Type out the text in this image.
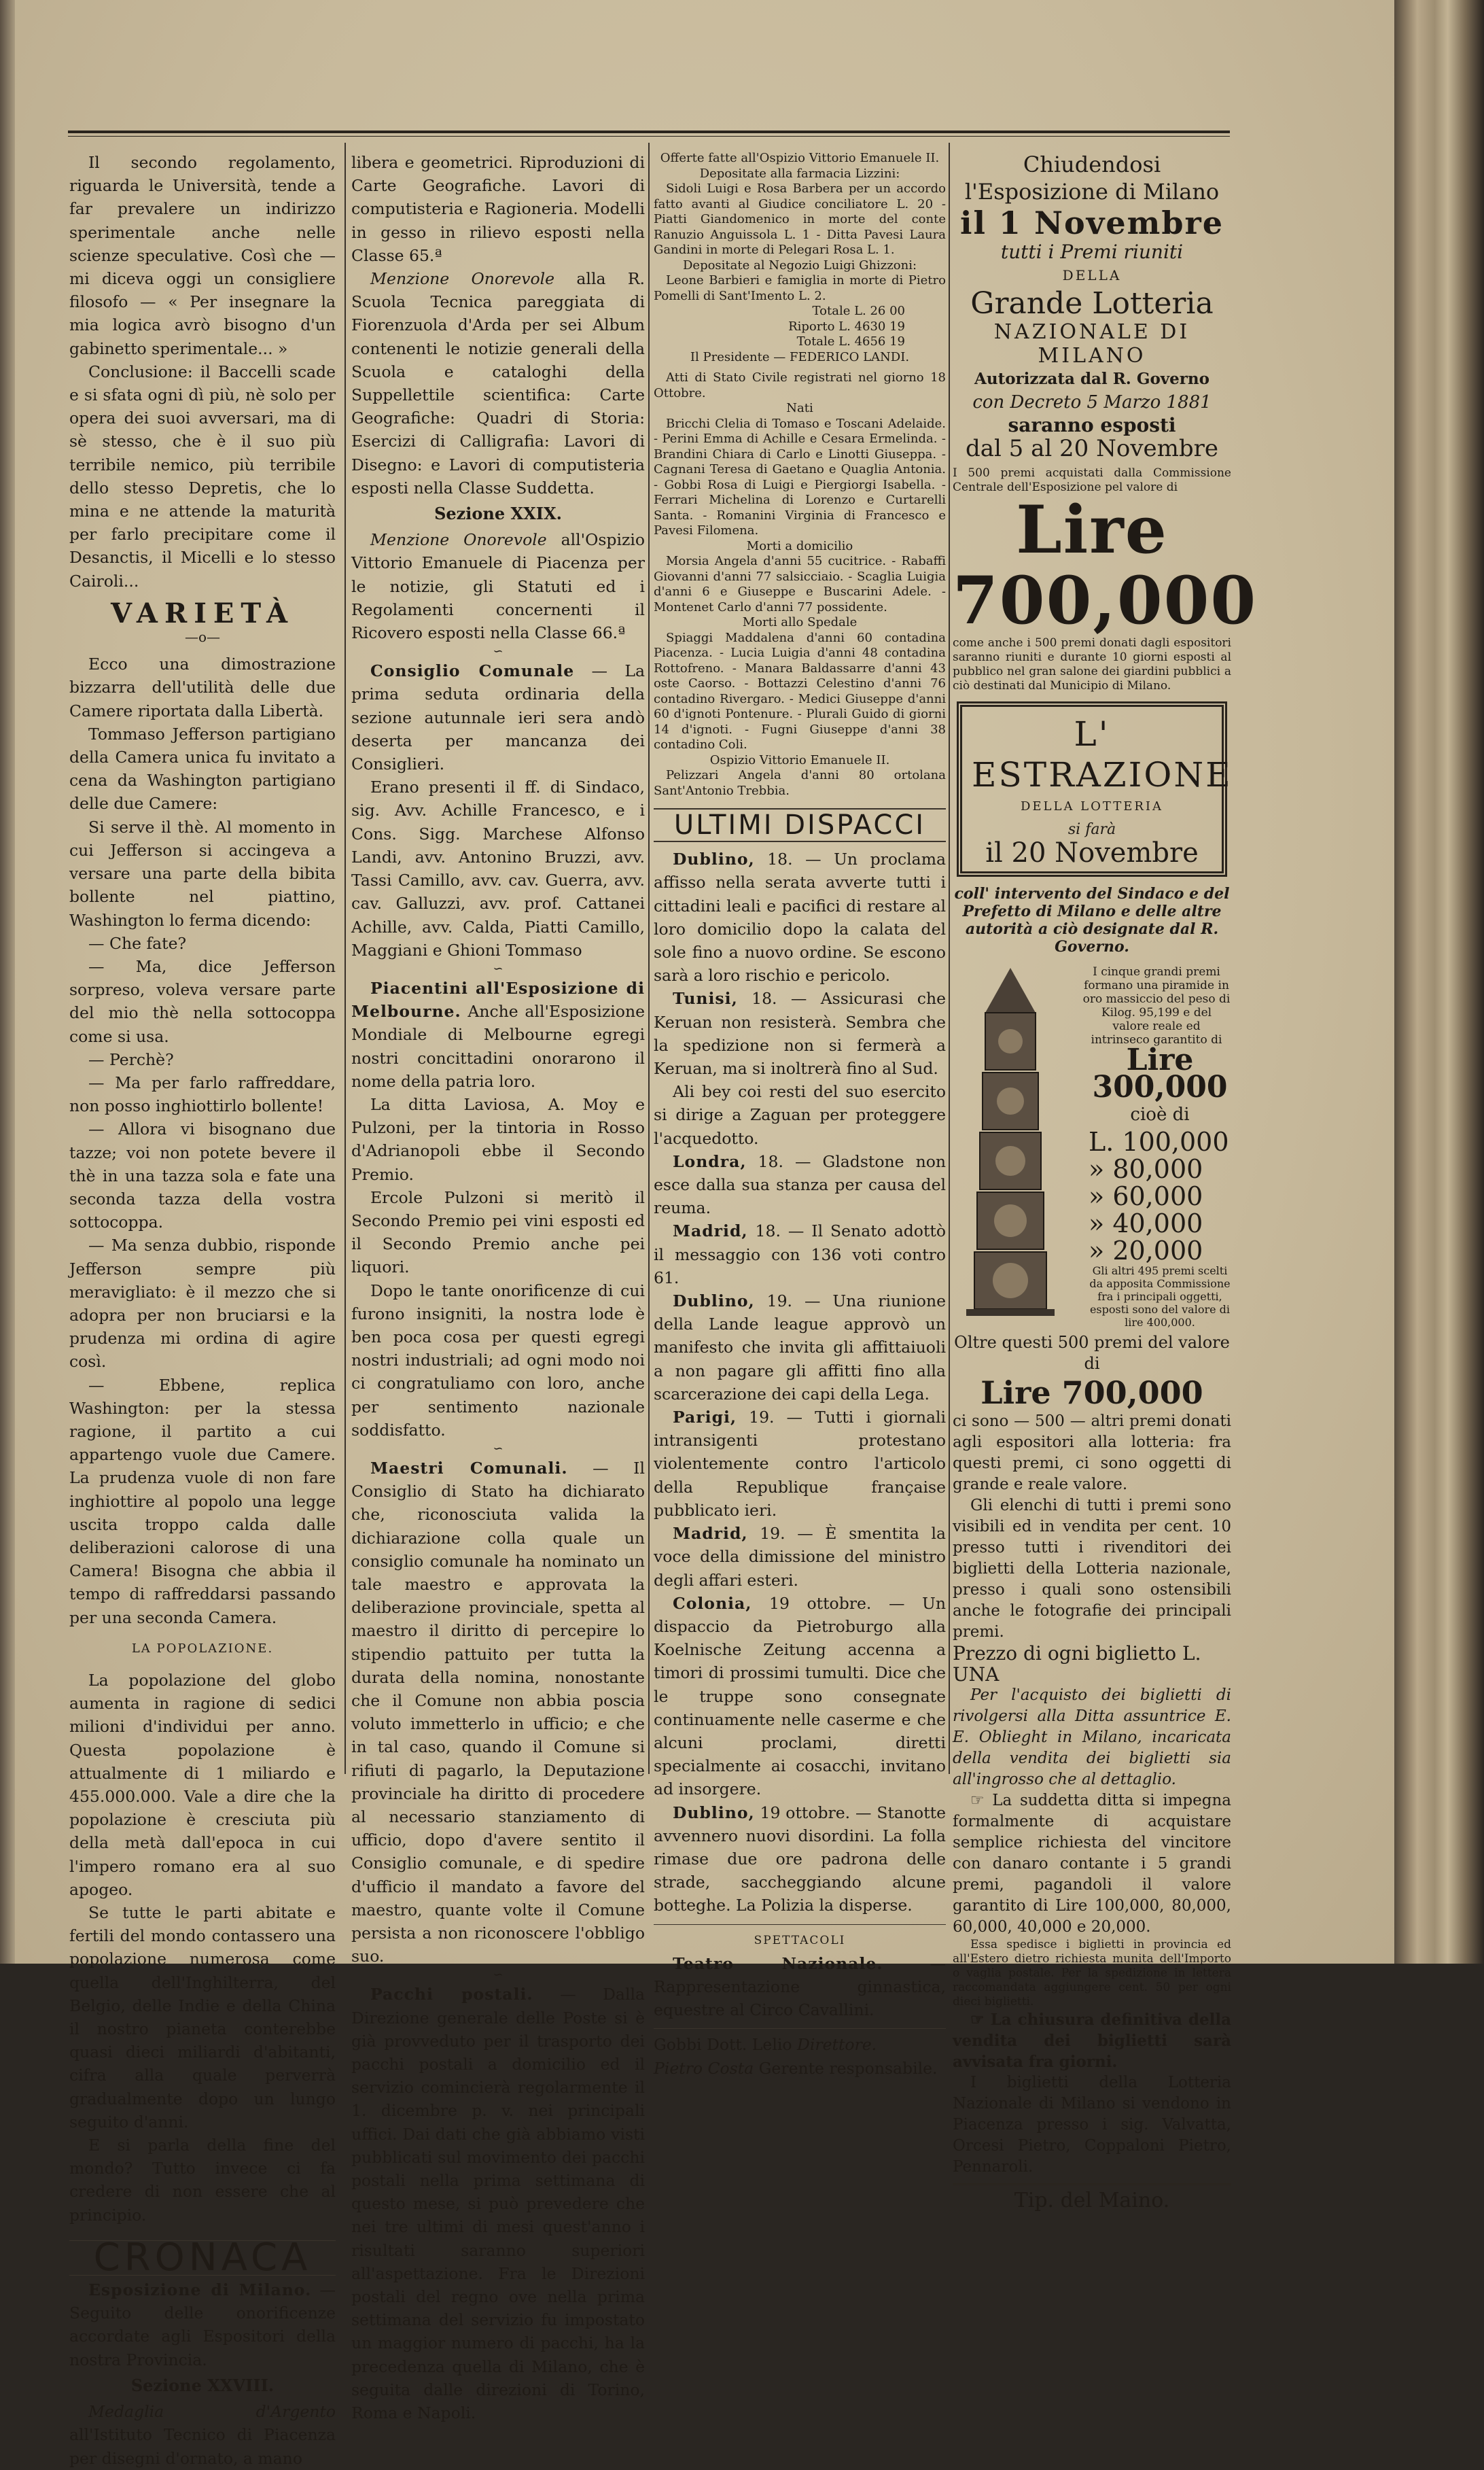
Il secondo regolamento, riguarda le Università, tende a far prevalere un indirizzo sperimentale anche nelle scienze speculative. Così che — mi diceva oggi un consigliere filosofo — « Per insegnare la mia logica avrò bisogno d'un gabinetto sperimentale... »

Conclusione: il Baccelli scade e si sfata ogni dì più, nè solo per opera dei suoi avversari, ma di sè stesso, che è il suo più terribile nemico, più terribile dello stesso Depretis, che lo mina e ne attende la maturità per farlo precipitare come il Desanctis, il Micelli e lo stesso Cairoli...

VARIETÀ
—o—

Ecco una dimostrazione bizzarra dell'utilità delle due Camere riportata dalla Libertà.

Tommaso Jefferson partigiano della Camera unica fu invitato a cena da Washington partigiano delle due Camere:

Si serve il thè. Al momento in cui Jefferson si accingeva a versare una parte della bibita bollente nel piattino, Washington lo ferma dicendo:

— Che fate?

— Ma, dice Jefferson sorpreso, voleva versare parte del mio thè nella sottocoppa come si usa.

— Perchè?

— Ma per farlo raffreddare, non posso inghiottirlo bollente!

— Allora vi bisognano due tazze; voi non potete bevere il thè in una tazza sola e fate una seconda tazza della vostra sottocoppa.

— Ma senza dubbio, risponde Jefferson sempre più meravigliato: è il mezzo che si adopra per non bruciarsi e la prudenza mi ordina di agire così.

— Ebbene, replica Washington: per la stessa ragione, il partito a cui appartengo vuole due Camere. La prudenza vuole di non fare inghiottire al popolo una legge uscita troppo calda dalle deliberazioni calorose di una Camera! Bisogna che abbia il tempo di raffreddarsi passando per una seconda Camera.

LA POPOLAZIONE.

La popolazione del globo aumenta in ragione di sedici milioni d'individui per anno. Questa popolazione è attualmente di 1 miliardo e 455.000.000. Vale a dire che la popolazione è cresciuta più della metà dall'epoca in cui l'impero romano era al suo apogeo.

Se tutte le parti abitate e fertili del mondo contassero una popolazione numerosa come quella dell'Inghilterra, del Belgio, delle Indie e della China il nostro pianeta conterebbe quasi dieci miliardi d'abitanti, cifra alla quale perverrà gradualmente dopo un lungo seguito d'anni.

E si parla della fine del mondo? Tutto invece ci fa credere di non essere che al principio.

CRONACA

Esposizione di Milano. — Seguito delle onorificenze accordate agli Espositori della nostra Provincia.

Sezione XXVIII.

Medaglia d'Argento all'Istituto Tecnico di Piacenza per disegni d'ornato, a mano

libera e geometrici. Riproduzioni di Carte Geografiche. Lavori di computisteria e Ragioneria. Modelli in gesso in rilievo esposti nella Classe 65.ª

Menzione Onorevole alla R. Scuola Tecnica pareggiata di Fiorenzuola d'Arda per sei Album contenenti le notizie generali della Scuola e cataloghi della Suppellettile scientifica: Carte Geografiche: Quadri di Storia: Esercizi di Calligrafia: Lavori di Disegno: e Lavori di computisteria esposti nella Classe Suddetta.

Sezione XXIX.

Menzione Onorevole all'Ospizio Vittorio Emanuele di Piacenza per le notizie, gli Statuti ed i Regolamenti concernenti il Ricovero esposti nella Classe 66.ª

∽

Consiglio Comunale — La prima seduta ordinaria della sezione autunnale ieri sera andò deserta per mancanza dei Consiglieri.

Erano presenti il ff. di Sindaco, sig. Avv. Achille Francesco, e i Cons. Sigg. Marchese Alfonso Landi, avv. Antonino Bruzzi, avv. Tassi Camillo, avv. cav. Guerra, avv. cav. Galluzzi, avv. prof. Cattanei Achille, avv. Calda, Piatti Camillo, Maggiani e Ghioni Tommaso

∽

Piacentini all'Esposizione di Melbourne. Anche all'Esposizione Mondiale di Melbourne egregi nostri concittadini onorarono il nome della patria loro.

La ditta Laviosa, A. Moy e Pulzoni, per la tintoria in Rosso d'Adrianopoli ebbe il Secondo Premio.

Ercole Pulzoni si meritò il Secondo Premio pei vini esposti ed il Secondo Premio anche pei liquori.

Dopo le tante onorificenze di cui furono insigniti, la nostra lode è ben poca cosa per questi egregi nostri industriali; ad ogni modo noi ci congratuliamo con loro, anche per sentimento nazionale soddisfatto.

∽

Maestri Comunali. — Il Consiglio di Stato ha dichiarato che, riconosciuta valida la dichiarazione colla quale un consiglio comunale ha nominato un tale maestro e approvata la deliberazione provinciale, spetta al maestro il diritto di percepire lo stipendio pattuito per tutta la durata della nomina, nonostante che il Comune non abbia poscia voluto immetterlo in ufficio; e che in tal caso, quando il Comune si rifiuti di pagarlo, la Deputazione provinciale ha diritto di procedere al necessario stanziamento di ufficio, dopo d'avere sentito il Consiglio comunale, e di spedire d'ufficio il mandato a favore del maestro, quante volte il Comune persista a non riconoscere l'obbligo suo.

∽

Pacchi postali. — Dalla Direzione generale delle Poste si è già provveduto per il trasporto dei pacchi postali a domicilio ed il servizio comincierà regolarmente il 1. dicembre p. v. nei principali uffici. Dai dati che già abbiamo visti pubblicati sul movimento dei pacchi postali nella prima settimana di questo mese, si può prevedere che nei tre ultimi di mesi quest'anno i risultati saranno superiori all'aspettazione. Fra le Direzioni postali del regno ove nella prima settimana del servizio fu impostato un maggior numero di pacchi, ha la precedenza quella di Milano, che è seguita dalle direzioni di Torino, Roma e Napoli.

Offerte fatte all'Ospizio Vittorio Emanuele II.
Depositate alla farmacia Lizzini:

Sidoli Luigi e Rosa Barbera per un accordo fatto avanti al Giudice conciliatore L. 20 - Piatti Giandomenico in morte del conte Ranuzio Anguissola L. 1 - Ditta Pavesi Laura Gandini in morte di Pelegari Rosa L. 1.

Depositate al Negozio Luigi Ghizzoni:

Leone Barbieri e famiglia in morte di Pietro Pomelli di Sant'Imento L. 2.

Totale L. 26 00
Riporto L. 4630 19
Totale L. 4656 19
Il Presidente — FEDERICO LANDI.

Atti di Stato Civile registrati nel giorno 18 Ottobre.

Nati

Bricchi Clelia di Tomaso e Toscani Adelaide. - Perini Emma di Achille e Cesara Ermelinda. - Brandini Chiara di Carlo e Linotti Giuseppa. - Cagnani Teresa di Gaetano e Quaglia Antonia. - Gobbi Rosa di Luigi e Piergiorgi Isabella. - Ferrari Michelina di Lorenzo e Curtarelli Santa. - Romanini Virginia di Francesco e Pavesi Filomena.

Morti a domicilio

Morsia Angela d'anni 55 cucitrice. - Rabaffi Giovanni d'anni 77 salsicciaio. - Scaglia Luigia d'anni 6 e Giuseppe e Buscarini Adele. - Montenet Carlo d'anni 77 possidente.

Morti allo Spedale

Spiaggi Maddalena d'anni 60 contadina Piacenza. - Lucia Luigia d'anni 48 contadina Rottofreno. - Manara Baldassarre d'anni 43 oste Caorso. - Bottazzi Celestino d'anni 76 contadino Rivergaro. - Medici Giuseppe d'anni 60 d'ignoti Pontenure. - Plurali Guido di giorni 14 d'ignoti. - Fugni Giuseppe d'anni 38 contadino Coli.

Ospizio Vittorio Emanuele II.

Pelizzari Angela d'anni 80 ortolana Sant'Antonio Trebbia.

ULTIMI DISPACCI

Dublino, 18. — Un proclama affisso nella serata avverte tutti i cittadini leali e pacifici di restare al loro domicilio dopo la calata del sole fino a nuovo ordine. Se escono sarà a loro rischio e pericolo.

Tunisi, 18. — Assicurasi che Keruan non resisterà. Sembra che la spedizione non si fermerà a Keruan, ma si inoltrerà fino al Sud.

Ali bey coi resti del suo esercito si dirige a Zaguan per proteggere l'acquedotto.

Londra, 18. — Gladstone non esce dalla sua stanza per causa del reuma.

Madrid, 18. — Il Senato adottò il messaggio con 136 voti contro 61.

Dublino, 19. — Una riunione della Lande league approvò un manifesto che invita gli affittaiuoli a non pagare gli affitti fino alla scarcerazione dei capi della Lega.

Parigi, 19. — Tutti i giornali intransigenti protestano violentemente contro l'articolo della Republique française pubblicato ieri.

Madrid, 19. — È smentita la voce della dimissione del ministro degli affari esteri.

Colonia, 19 ottobre. — Un dispaccio da Pietroburgo alla Koelnische Zeitung accenna a timori di prossimi tumulti. Dice che le truppe sono consegnate continuamente nelle caserme e che alcuni proclami, diretti specialmente ai cosacchi, invitano ad insorgere.

Dublino, 19 ottobre. — Stanotte avvennero nuovi disordini. La folla rimase due ore padrona delle strade, saccheggiando alcune botteghe. La Polizia la disperse.

SPETTACOLI

Teatro Nazionale. — Rappresentazione ginnastica, equestre al Circo Cavallini.

Gobbi Dott. Lelio Direttore.
Pietro Costa Gerente responsabile.
Chiudendosi l'Esposizione di Milano
il 1 Novembre
tutti i Premi riuniti
DELLA
Grande Lotteria
NAZIONALE DI MILANO
Autorizzata dal R. Governo
con Decreto 5 Marzo 1881
saranno esposti
dal 5 al 20 Novembre
I 500 premi acquistati dalla Commissione Centrale dell'Esposizione pel valore di
Lire 700,000
come anche i 500 premi donati dagli espositori saranno riuniti e durante 10 giorni esposti al pubblico nel gran salone dei giardini pubblici a ciò destinati dal Municipio di Milano.
L' ESTRAZIONE
DELLA LOTTERIA
si farà
il 20 Novembre
coll' intervento del Sindaco e del Prefetto di Milano e delle altre autorità a ciò designate dal R. Governo.
I cinque grandi premi formano una piramide in oro massiccio del peso di Kilog. 95,199 e del valore reale ed intrinseco garantito di
Lire 300,000
cioè di
L. 100,000
» 80,000
» 60,000
» 40,000
» 20,000
Gli altri 495 premi scelti da apposita Commissione fra i principali oggetti, esposti sono del valore di lire 400,000.
Oltre questi 500 premi del valore di
Lire 700,000

ci sono — 500 — altri premi donati agli espositori alla lotteria: fra questi premi, ci sono oggetti di grande e reale valore.

Gli elenchi di tutti i premi sono visibili ed in vendita per cent. 10 presso tutti i rivenditori dei biglietti della Lotteria nazionale, presso i quali sono ostensibili anche le fotografie dei principali premi.

Prezzo di ogni biglietto L. UNA

Per l'acquisto dei biglietti di rivolgersi alla Ditta assuntrice E. E. Oblieght in Milano, incaricata della vendita dei biglietti sia all'ingrosso che al dettaglio.

☞ La suddetta ditta si impegna formalmente di acquistare semplice richiesta del vincitore con danaro contante i 5 grandi premi, pagandoli il valore garantito di Lire 100,000, 80,000, 60,000, 40,000 e 20,000.

Essa spedisce i biglietti in provincia ed all'Estero dietro richiesta munita dell'Importo o vaglia postale. Per la spedizione in lettera raccomandata aggiungere cent. 50 per ogni dieci biglietti.

☞ La chiusura definitiva della vendita dei biglietti sarà avvisata fra giorni.

I biglietti della Lotteria Nazionale di Milano si vendono in Piacenza presso i sig. Valvatta, Orcesi Pietro, Coppaloni Pietro, Pennaroli.

Tip. del Maino.
